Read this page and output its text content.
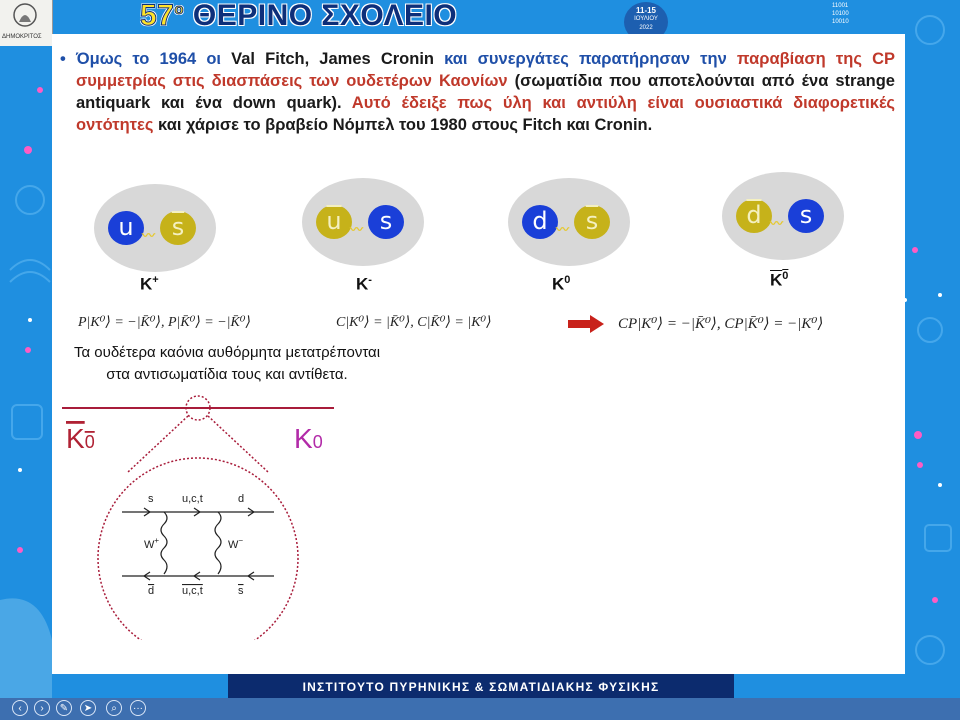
ΔΗΜΟΚΡΙΤΟΣ
$57^o$ ΘΕΡΙΝΟ ΣΧΟΛΕΙΟ	11-15
ΙΟΥΛΙΟΥ
2022
11001
10100
10010
• Όμως το 1964 οι Val Fitch, James Cronin και συνεργάτες παρατήρησαν την παραβίαση της CP συμμετρίας στις διασπάσεις των ουδετέρων Καονίων (σωματίδια που αποτελούνται από ένα strange antiquark και ένα down quark). Αυτό έδειξε πως ύλη και αντιύλη είναι ουσιαστικά διαφορετικές οντότητες και χάρισε το βραβείο Νόμπελ του 1980 στους Fitch και Cronin.
u 〰 $\overline{s}$
K+
$\overline{u}$ 〰 s
K-
d 〰 $\overline{s}$
$K^0$
$\overline{d}$ 〰 s
$K^0$
P|K⁰⟩ = −|K̄⁰⟩, P|K̄⁰⟩ = −|K̄⁰⟩	C|K⁰⟩ = |K̄⁰⟩, C|K̄⁰⟩ = |K⁰⟩	CP|K⁰⟩ = −|K̄⁰⟩, CP|K̄⁰⟩ = −|K⁰⟩
Τα ουδέτερα καόνια αυθόρμητα μετατρέπονται
στα αντισωματίδια τους και αντίθετα.
K0	K0
s	u,c,t	d
d	u,c,t	s
W+	W−
ΙΝΣΤΙΤΟΥΤΟ ΠΥΡΗΝΙΚΗΣ & ΣΩΜΑΤΙΔΙΑΚΗΣ ΦΥΣΙΚΗΣ
‹	›	✎	➤	⌕	···
